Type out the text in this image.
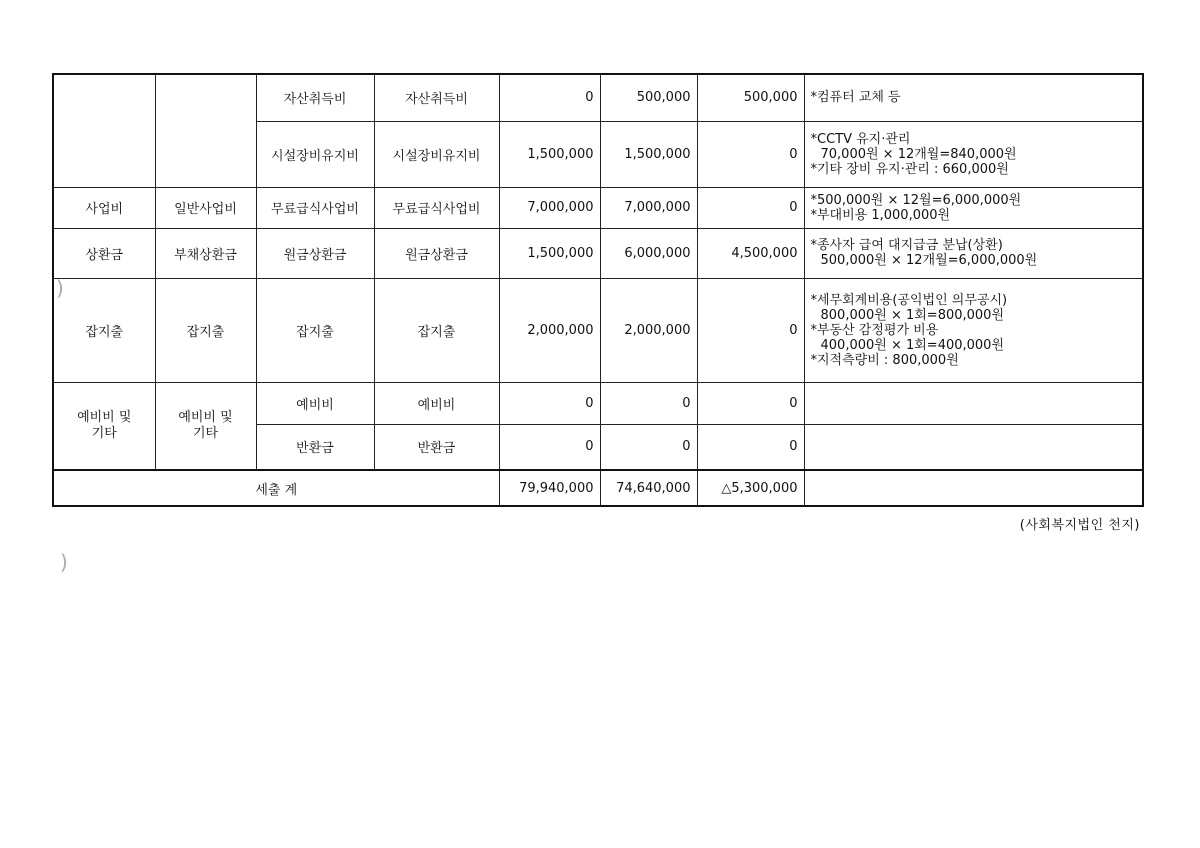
)
)
		자산취득비	자산취득비	0	500,000	500,000	*컴퓨터 교체 등

		시설장비유지비	시설장비유지비	1,500,000	1,500,000	0	*CCTV 유지·관리
70,000원 × 12개월=840,000원
*기타 장비 유지·관리 : 660,000원

사업비	일반사업비	무료급식사업비	무료급식사업비	7,000,000	7,000,000	0	*500,000원 × 12월=6,000,000원
*부대비용 1,000,000원

상환금	부채상환금	원금상환금	원금상환금	1,500,000	6,000,000	4,500,000	*종사자 급여 대지급금 분납(상환)
500,000원 × 12개월=6,000,000원

잡지출	잡지출	잡지출	잡지출	2,000,000	2,000,000	0	*세무회계비용(공익법인 의무공시)
800,000원 × 1회=800,000원
*부동산 감정평가 비용
400,000원 × 1회=400,000원
*지적측량비 : 800,000원

예비비 및
기타	예비비 및
기타	예비비	예비비	0	0	0	
		반환금	반환금	0	0	0	
세출 계				79,940,000	74,640,000	△5,300,000	
(사회복지법인 천지)
